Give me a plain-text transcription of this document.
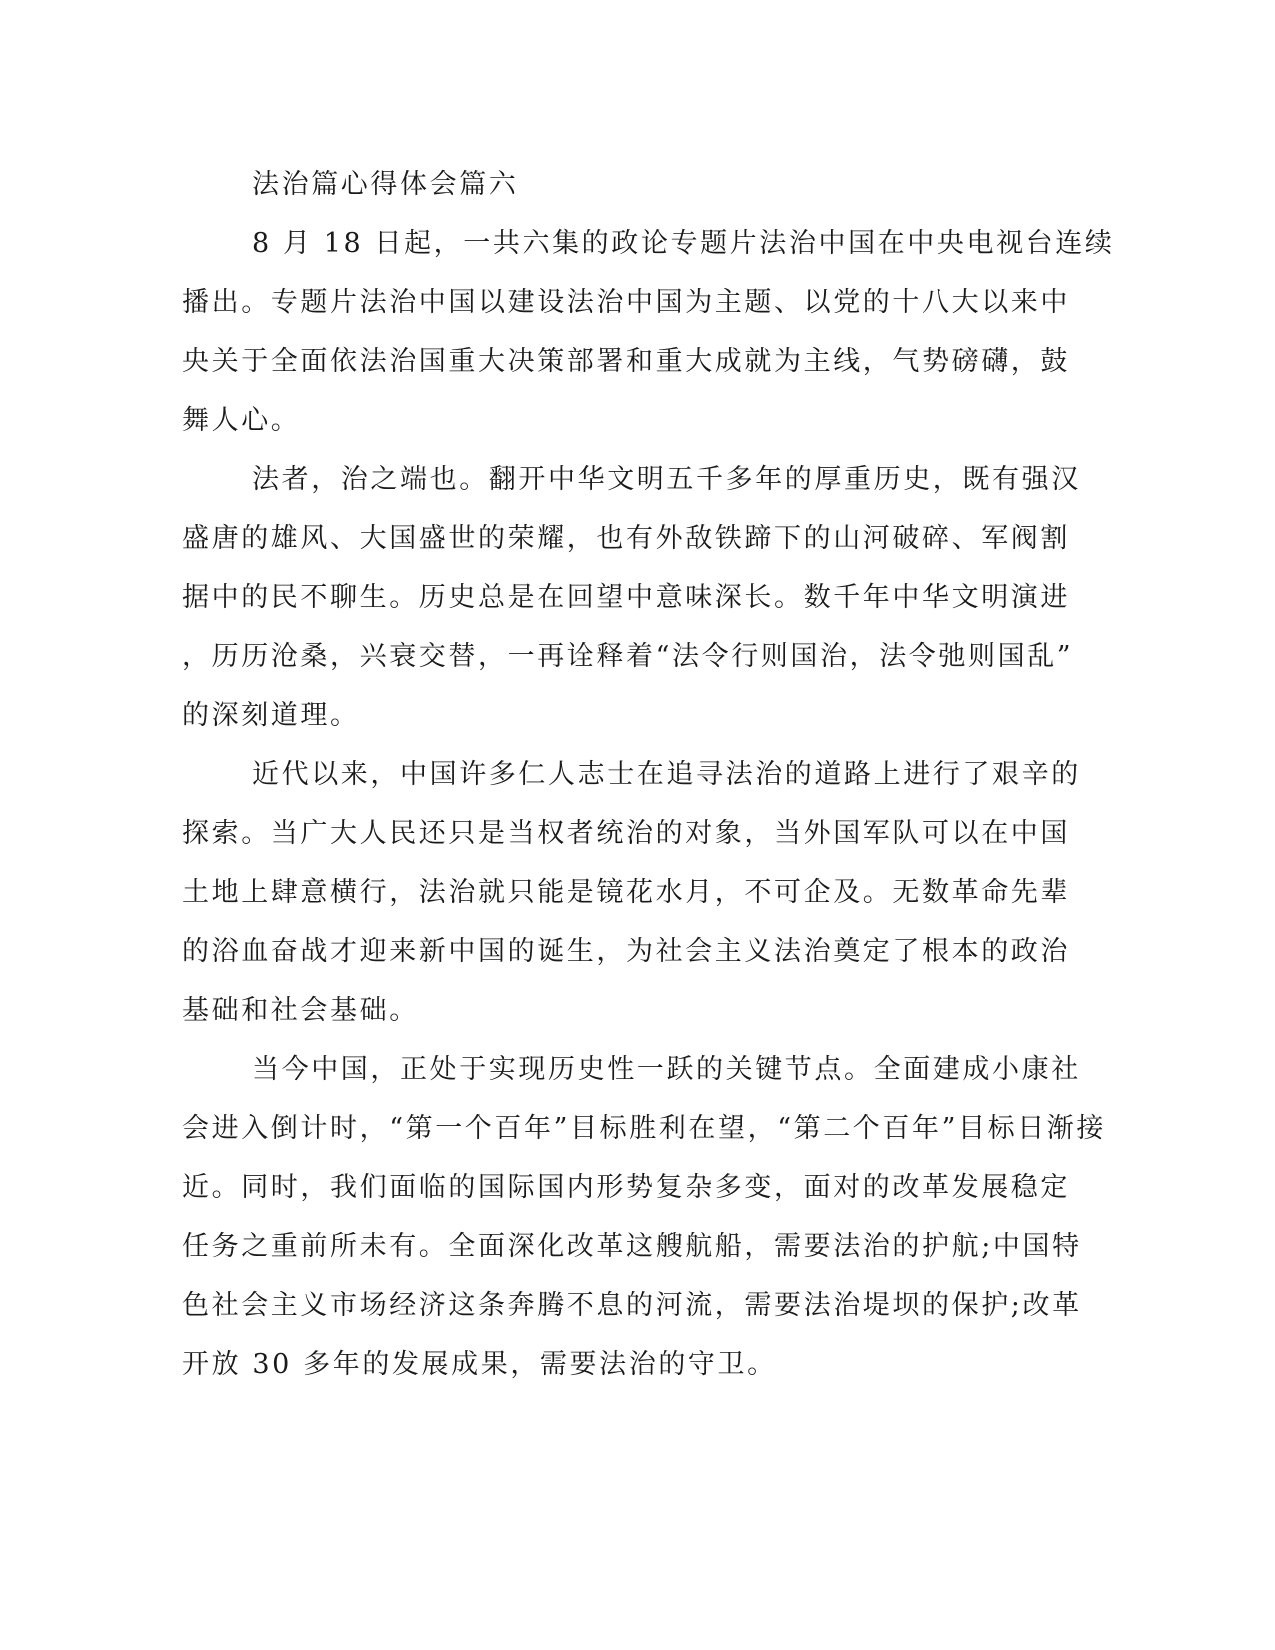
法治篇心得体会篇六
8 月 18 日起，一共六集的政论专题片法治中国在中央电视台连续
播出。专题片法治中国以建设法治中国为主题、以党的十八大以来中
央关于全面依法治国重大决策部署和重大成就为主线，气势磅礴，鼓
舞人心。
法者，治之端也。翻开中华文明五千多年的厚重历史，既有强汉
盛唐的雄风、大国盛世的荣耀，也有外敌铁蹄下的山河破碎、军阀割
据中的民不聊生。历史总是在回望中意味深长。数千年中华文明演进
，历历沧桑，兴衰交替，一再诠释着“法令行则国治，法令弛则国乱”
的深刻道理。
近代以来，中国许多仁人志士在追寻法治的道路上进行了艰辛的
探索。当广大人民还只是当权者统治的对象，当外国军队可以在中国
土地上肆意横行，法治就只能是镜花水月，不可企及。无数革命先辈
的浴血奋战才迎来新中国的诞生，为社会主义法治奠定了根本的政治
基础和社会基础。
当今中国，正处于实现历史性一跃的关键节点。全面建成小康社
会进入倒计时，“第一个百年”目标胜利在望，“第二个百年”目标日渐接
近。同时，我们面临的国际国内形势复杂多变，面对的改革发展稳定
任务之重前所未有。全面深化改革这艘航船，需要法治的护航;中国特
色社会主义市场经济这条奔腾不息的河流，需要法治堤坝的保护;改革
开放 30 多年的发展成果，需要法治的守卫。
